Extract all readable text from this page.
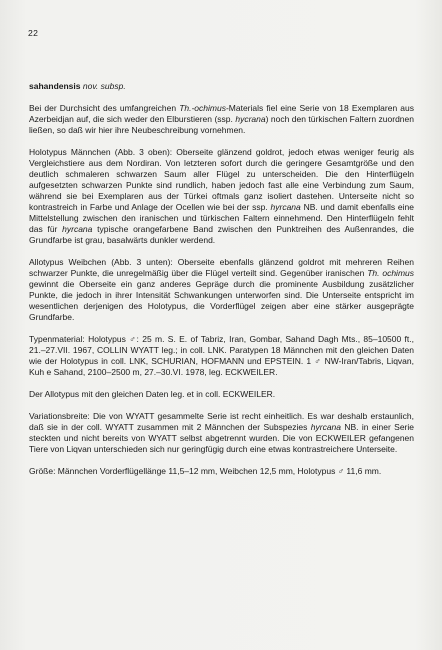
22

sahandensis nov. subsp.

Bei der Durchsicht des umfangreichen Th.-ochimus-Materials fiel eine Serie von 18 Exemplaren aus Azerbeidjan auf, die sich weder den Elburstieren (ssp. hycrana) noch den türkischen Faltern zuordnen ließen, so daß wir hier ihre Neubeschreibung vornehmen.

Holotypus Männchen (Abb. 3 oben): Oberseite glänzend goldrot, jedoch etwas weniger feurig als Vergleichstiere aus dem Nordiran. Von letzteren sofort durch die geringere Gesamtgröße und den deutlich schmaleren schwarzen Saum aller Flügel zu unterscheiden. Die den Hinterflügeln aufgesetzten schwarzen Punkte sind rundlich, haben jedoch fast alle eine Verbindung zum Saum, während sie bei Exemplaren aus der Türkei oftmals ganz isoliert dastehen. Unterseite nicht so kontrastreich in Farbe und Anlage der Ocellen wie bei der ssp. hyrcana NB. und damit ebenfalls eine Mittelstellung zwischen den iranischen und türkischen Faltern einnehmend. Den Hinterflügeln fehlt das für hyrcana typische orangefarbene Band zwischen den Punktreihen des Außenrandes, die Grundfarbe ist grau, basalwärts dunkler werdend.

Allotypus Weibchen (Abb. 3 unten): Oberseite ebenfalls glänzend goldrot mit mehreren Reihen schwarzer Punkte, die unregelmäßig über die Flügel verteilt sind. Gegenüber iranischen Th. ochimus gewinnt die Oberseite ein ganz anderes Gepräge durch die prominente Ausbildung zusätzlicher Punkte, die jedoch in ihrer Intensität Schwankungen unterworfen sind. Die Unterseite entspricht im wesentlichen derjenigen des Holotypus, die Vorderflügel zeigen aber eine stärker ausgeprägte Grundfarbe.

Typenmaterial: Holotypus ♂: 25 m. S. E. of Tabriz, Iran, Gombar, Sahand Dagh Mts., 85–10500 ft., 21.–27.VII. 1967, COLLIN WYATT leg.; in coll. LNK. Paratypen 18 Männchen mit den gleichen Daten wie der Holotypus in coll. LNK, SCHURIAN, HOFMANN und EPSTEIN. 1 ♂ NW-Iran/Tabris, Liqvan, Kuh e Sahand, 2100–2500 m, 27.–30.VI. 1978, leg. ECKWEILER.

Der Allotypus mit den gleichen Daten leg. et in coll. ECKWEILER.

Variationsbreite: Die von WYATT gesammelte Serie ist recht einheitlich. Es war deshalb erstaunlich, daß sie in der coll. WYATT zusammen mit 2 Männchen der Subspezies hyrcana NB. in einer Serie steckten und nicht bereits von WYATT selbst abgetrennt wurden. Die von ECKWEILER gefangenen Tiere von Liqvan unterschieden sich nur geringfügig durch eine etwas kontrastreichere Unterseite.

Größe: Männchen Vorderflügellänge 11,5–12 mm, Weibchen 12,5 mm, Holotypus ♂ 11,6 mm.
